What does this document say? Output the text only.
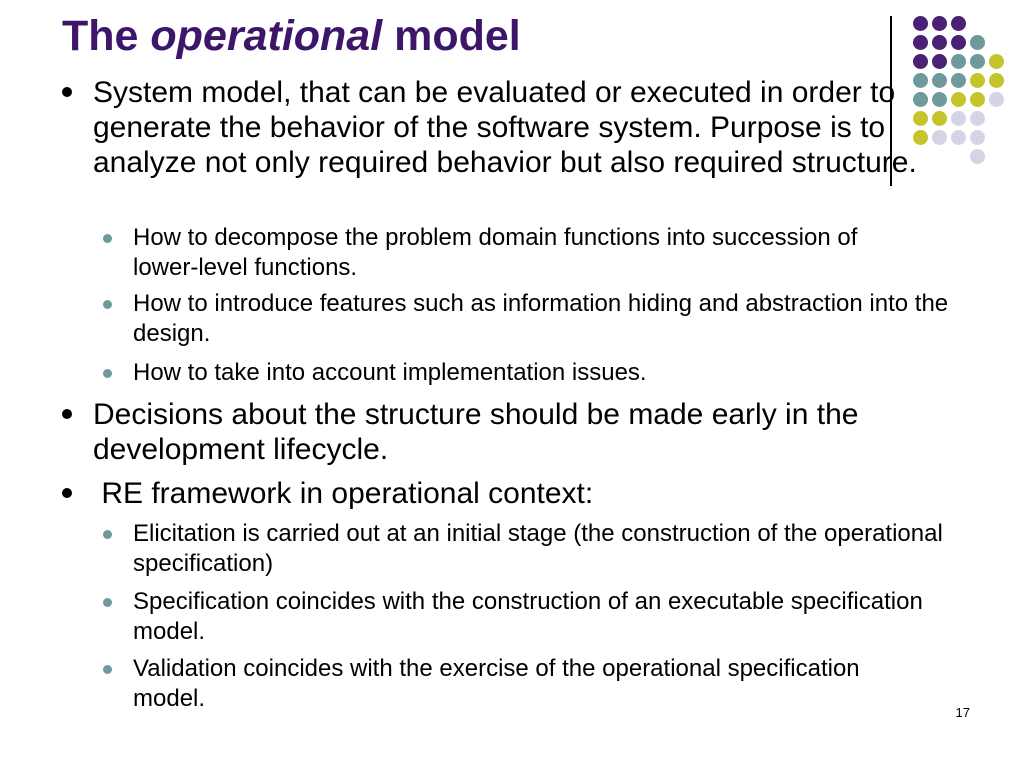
The operational model

System model, that can be evaluated or executed in order to generate the behavior of the software system. Purpose is to analyze not only required behavior but also required structure.

How to decompose the problem domain functions into succession of lower-level functions.

How to introduce features such as information hiding and abstraction into the design.

How to take into account implementation issues.

Decisions about the structure should be made early in the development lifecycle.

RE framework in operational context:

Elicitation is carried out at an initial stage (the construction of the operational specification)

Specification coincides with the construction of an executable specification model.

Validation coincides with the exercise of the operational specification model.

17
